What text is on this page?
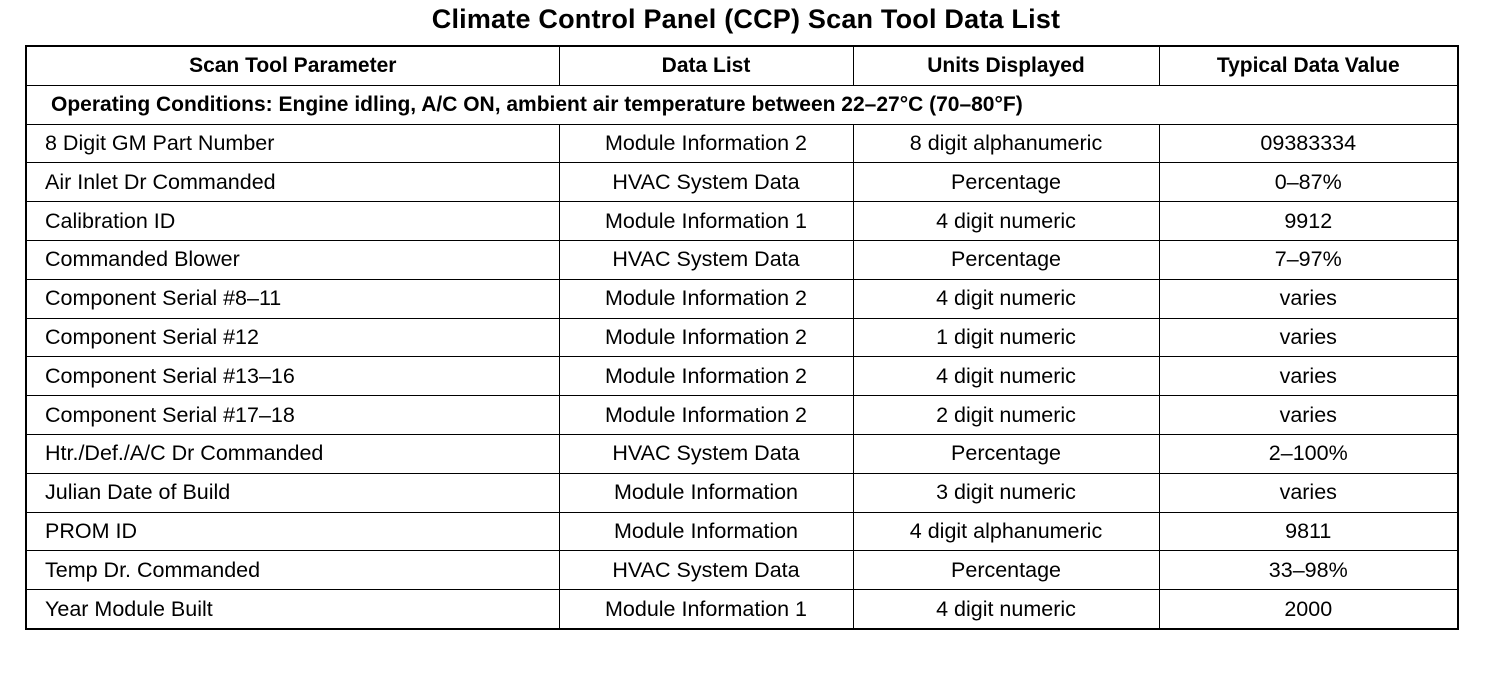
Climate Control Panel (CCP) Scan Tool Data List
Scan Tool Parameter	Data List	Units Displayed	Typical Data Value
Operating Conditions: Engine idling, A/C ON, ambient air temperature between 22–27°C (70–80°F)			
8 Digit GM Part Number	Module Information 2	8 digit alphanumeric	09383334
Air Inlet Dr Commanded	HVAC System Data	Percentage	0–87%
Calibration ID	Module Information 1	4 digit numeric	9912
Commanded Blower	HVAC System Data	Percentage	7–97%
Component Serial #8–11	Module Information 2	4 digit numeric	varies
Component Serial #12	Module Information 2	1 digit numeric	varies
Component Serial #13–16	Module Information 2	4 digit numeric	varies
Component Serial #17–18	Module Information 2	2 digit numeric	varies
Htr./Def./A/C Dr Commanded	HVAC System Data	Percentage	2–100%
Julian Date of Build	Module Information	3 digit numeric	varies
PROM ID	Module Information	4 digit alphanumeric	9811
Temp Dr. Commanded	HVAC System Data	Percentage	33–98%
Year Module Built	Module Information 1	4 digit numeric	2000
